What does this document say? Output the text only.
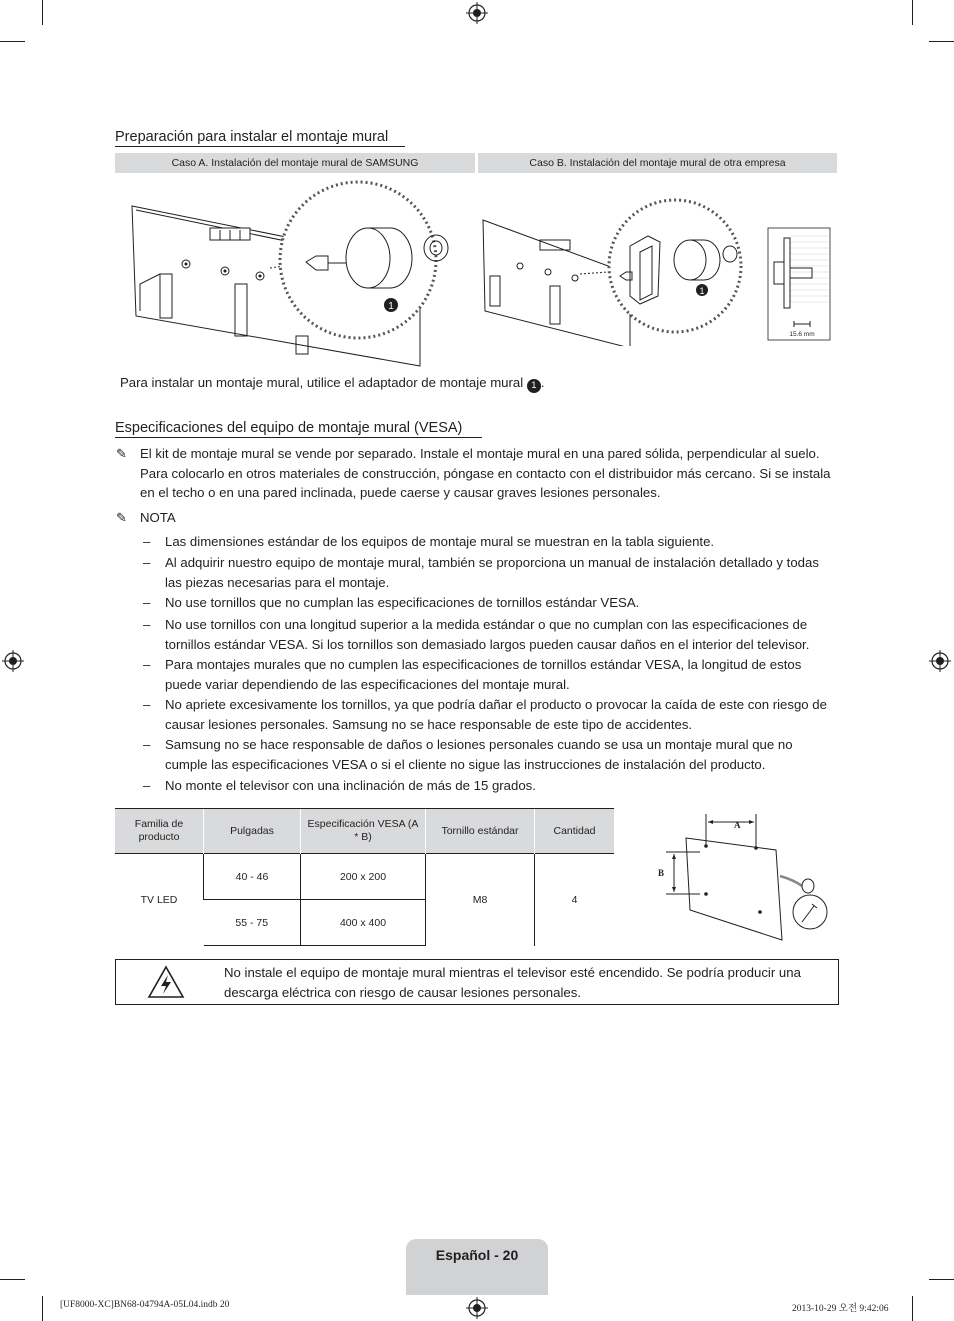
Preparación para instalar el montaje mural
Caso A. Instalación del montaje mural de SAMSUNG	Caso B. Instalación del montaje mural de otra empresa
1
1
15.6 mm
Para instalar un montaje mural, utilice el adaptador de montaje mural 1 .
Especificaciones del equipo de montaje mural (VESA)
✎ El kit de montaje mural se vende por separado. Instale el montaje mural en una pared sólida, perpendicular al suelo. Para colocarlo en otros materiales de construcción, póngase en contacto con el distribuidor más cercano. Si se instala en el techo o en una pared inclinada, puede caerse y causar graves lesiones personales.
✎ NOTA
– Las dimensiones estándar de los equipos de montaje mural se muestran en la tabla siguiente.
– Al adquirir nuestro equipo de montaje mural, también se proporciona un manual de instalación detallado y todas las piezas necesarias para el montaje.
– No use tornillos que no cumplan las especificaciones de tornillos estándar VESA.
– No use tornillos con una longitud superior a la medida estándar o que no cumplan con las especificaciones de tornillos estándar VESA. Si los tornillos son demasiado largos pueden causar daños en el interior del televisor.
– Para montajes murales que no cumplen las especificaciones de tornillos estándar VESA, la longitud de estos puede variar dependiendo de las especificaciones del montaje mural.
– No apriete excesivamente los tornillos, ya que podría dañar el producto o provocar la caída de este con riesgo de causar lesiones personales. Samsung no se hace responsable de este tipo de accidentes.
– Samsung no se hace responsable de daños o lesiones personales cuando se usa un montaje mural que no cumple las especificaciones VESA o si el cliente no sigue las instrucciones de instalación del producto.
– No monte el televisor con una inclinación de más de 15 grados.
Familia de producto	Pulgadas	Especificación VESA (A * B)	Tornillo estándar	Cantidad
TV LED	40 - 46	200 x 200	M8	4
	55 - 75	400 x 400		
A
B
No instale el equipo de montaje mural mientras el televisor esté encendido. Se podría producir una descarga eléctrica con riesgo de causar lesiones personales.
Español - 20
[UF8000-XC]BN68-04794A-05L04.indb 20	2013-10-29 오전 9:42:06
